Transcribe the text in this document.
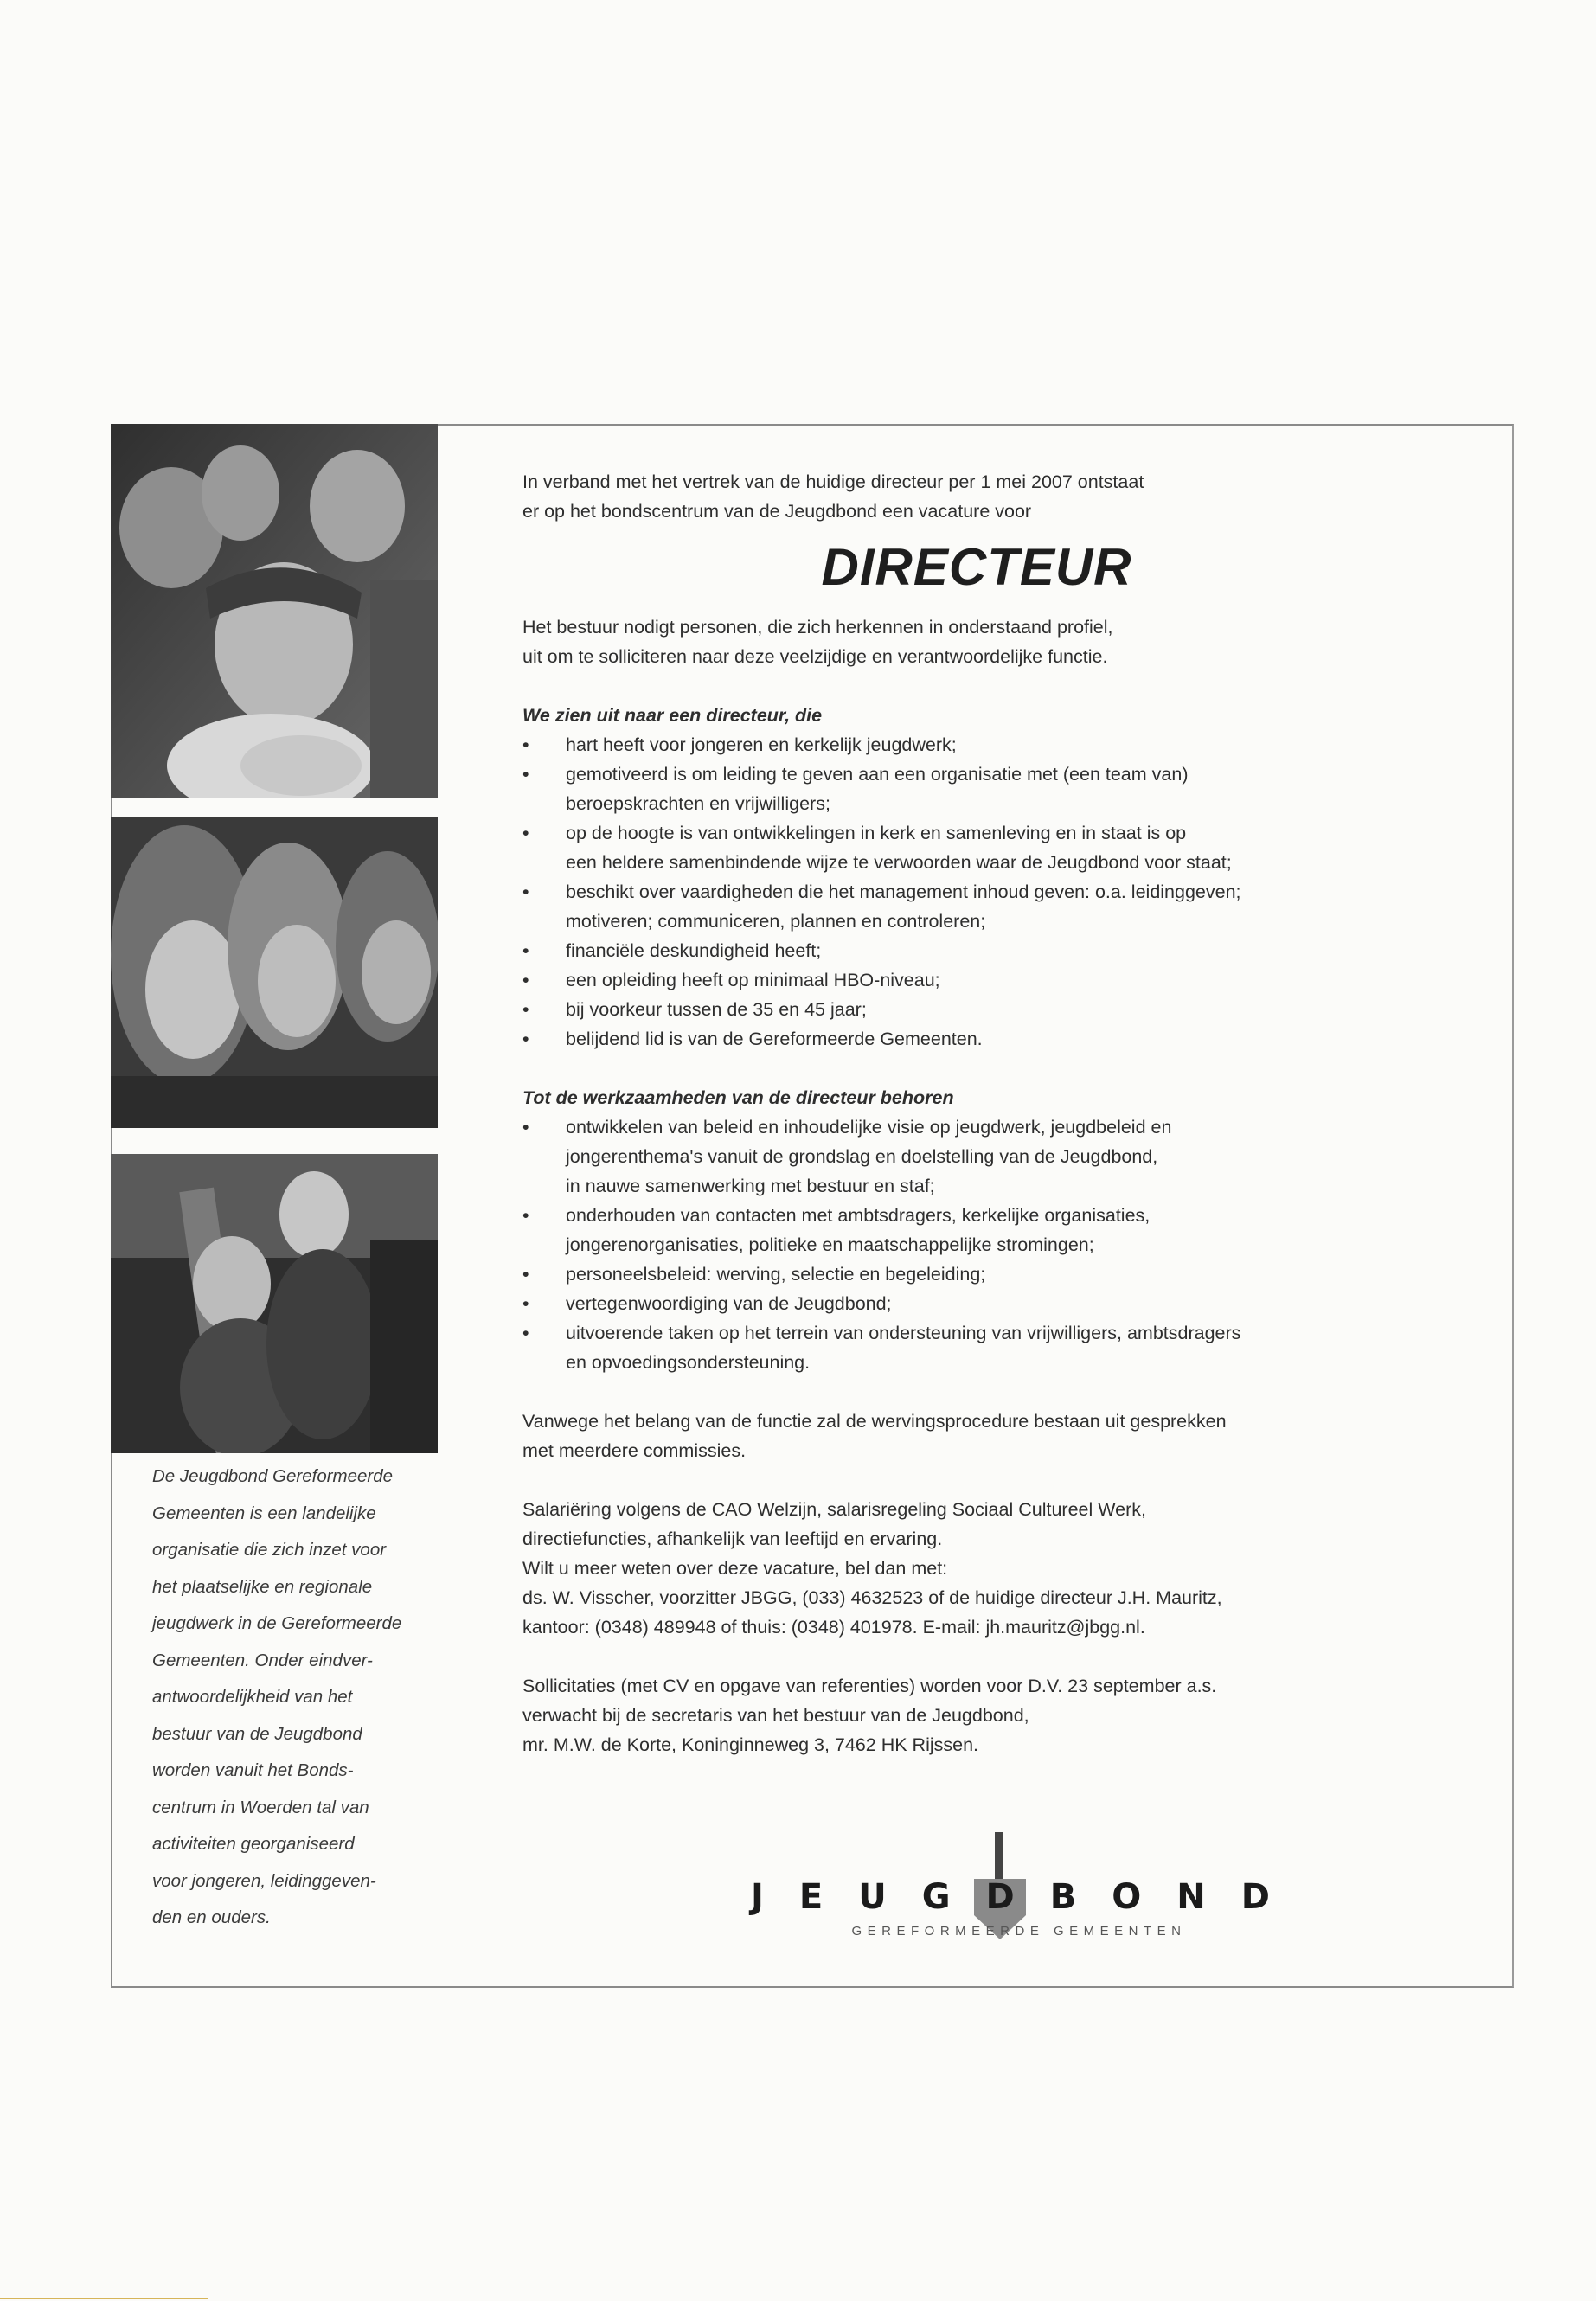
De Jeugdbond Gereformeerde
Gemeenten is een landelijke
organisatie die zich inzet voor
het plaatselijke en regionale
jeugdwerk in de Gereformeerde
Gemeenten. Onder eindver-
antwoordelijkheid van het
bestuur van de Jeugdbond
worden vanuit het Bonds-
centrum in Woerden tal van
activiteiten georganiseerd
voor jongeren, leidinggeven-
den en ouders.

In verband met het vertrek van de huidige directeur per 1 mei 2007 ontstaat
er op het bondscentrum van de Jeugdbond een vacature voor

DIRECTEUR

Het bestuur nodigt personen, die zich herkennen in onderstaand profiel,
uit om te solliciteren naar deze veelzijdige en verantwoordelijke functie.

We zien uit naar een directeur, die

• hart heeft voor jongeren en kerkelijk jeugdwerk;
• gemotiveerd is om leiding te geven aan een organisatie met (een team van)
beroepskrachten en vrijwilligers;
• op de hoogte is van ontwikkelingen in kerk en samenleving en in staat is op
een heldere samenbindende wijze te verwoorden waar de Jeugdbond voor staat;
• beschikt over vaardigheden die het management inhoud geven: o.a. leidinggeven;
motiveren; communiceren, plannen en controleren;
• financiële deskundigheid heeft;
• een opleiding heeft op minimaal HBO-niveau;
• bij voorkeur tussen de 35 en 45 jaar;
• belijdend lid is van de Gereformeerde Gemeenten.

Tot de werkzaamheden van de directeur behoren

• ontwikkelen van beleid en inhoudelijke visie op jeugdwerk, jeugdbeleid en
jongerenthema's vanuit de grondslag en doelstelling van de Jeugdbond,
in nauwe samenwerking met bestuur en staf;
• onderhouden van contacten met ambtsdragers, kerkelijke organisaties,
jongerenorganisaties, politieke en maatschappelijke stromingen;
• personeelsbeleid: werving, selectie en begeleiding;
• vertegenwoordiging van de Jeugdbond;
• uitvoerende taken op het terrein van ondersteuning van vrijwilligers, ambtsdragers
en opvoedingsondersteuning.

Vanwege het belang van de functie zal de wervingsprocedure bestaan uit gesprekken
met meerdere commissies.

Salariëring volgens de CAO Welzijn, salarisregeling Sociaal Cultureel Werk,
directiefuncties, afhankelijk van leeftijd en ervaring.
Wilt u meer weten over deze vacature, bel dan met:
ds. W. Visscher, voorzitter JBGG, (033) 4632523 of de huidige directeur J.H. Mauritz,
kantoor: (0348) 489948 of thuis: (0348) 401978. E-mail: jh.mauritz@jbgg.nl.

Sollicitaties (met CV en opgave van referenties) worden voor D.V. 23 september a.s.
verwacht bij de secretaris van het bestuur van de Jeugdbond,
mr. M.W. de Korte, Koninginneweg 3, 7462 HK Rijssen.

JEUGDBOND
GEREFORMEERDE GEMEENTEN
